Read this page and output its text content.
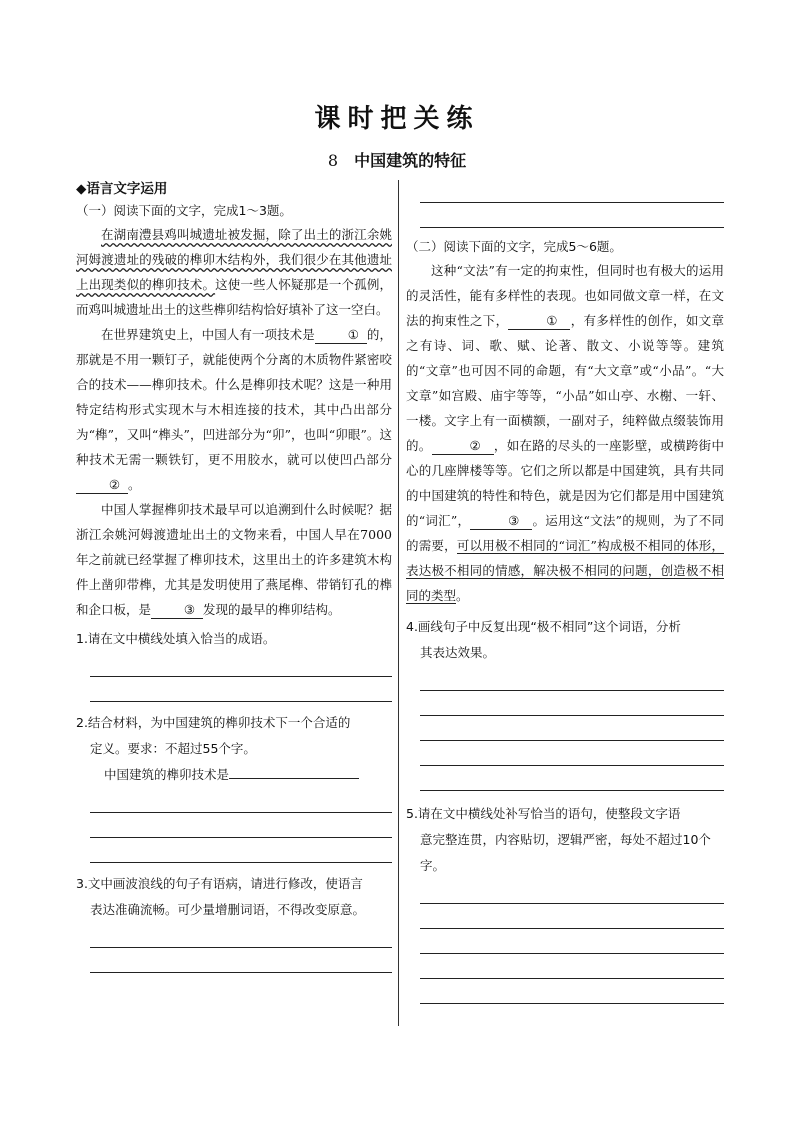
课时把关练
8 中国建筑的特征
◆语言文字运用
（一）阅读下面的文字，完成1～3题。

在湖南澧县鸡叫城遗址被发掘，除了出土的浙江余姚河姆渡遗址的残破的榫卯木结构外，我们很少在其他遗址上出现类似的榫卯技术。这使一些人怀疑那是一个孤例，而鸡叫城遗址出土的这些榫卯结构恰好填补了这一空白。

在世界建筑史上，中国人有一项技术是	① 的，那就是不用一颗钉子，就能使两个分离的木质物件紧密咬合的技术——榫卯技术。什么是榫卯技术呢？这是一种用特定结构形式实现木与木相连接的技术，其中凸出部分为“榫”，又叫“榫头”，凹进部分为“卯”，也叫“卯眼”。这种技术无需一颗铁钉，更不用胶水，就可以使凹凸部分② 。

中国人掌握榫卯技术最早可以追溯到什么时候呢？据浙江余姚河姆渡遗址出土的文物来看，中国人早在7000年之前就已经掌握了榫卯技术，这里出土的许多建筑木构件上凿卯带榫，尤其是发明使用了燕尾榫、带销钉孔的榫和企口板，是	③ 发现的最早的榫卯结构。

1.请在文中横线处填入恰当的成语。

2.结合材料，为中国建筑的榫卯技术下一个合适的
定义。要求：不超过55个字。

中国建筑的榫卯技术是

3.文中画波浪线的句子有语病，请进行修改，使语言
表达准确流畅。可少量增删词语，不得改变原意。

（二）阅读下面的文字，完成5～6题。

这种“文法”有一定的拘束性，但同时也有极大的运用的灵活性，能有多样性的表现。也如同做文章一样，在文法的拘束性之下，	① ，有多样性的创作，如文章之有诗、词、歌、赋、论著、散文、小说等等。建筑的“文章”也可因不同的命题，有“大文章”或“小品”。“大文章”如宫殿、庙宇等等，“小品”如山亭、水榭、一轩、一楼。文字上有一面横额，一副对子，纯粹做点缀装饰用的。	② ，如在路的尽头的一座影壁，或横跨街中心的几座牌楼等等。它们之所以都是中国建筑，具有共同的中国建筑的特性和特色，就是因为它们都是用中国建筑的“词汇”，	③ 。运用这“文法”的规则，为了不同的需要，可以用极不相同的“词汇”构成极不相同的体形，表达极不相同的情感，解决极不相同的问题，创造极不相同的类型。

4.画线句子中反复出现“极不相同”这个词语，分析
其表达效果。

5.请在文中横线处补写恰当的语句，使整段文字语
意完整连贯，内容贴切，逻辑严密，每处不超过10个
字。
